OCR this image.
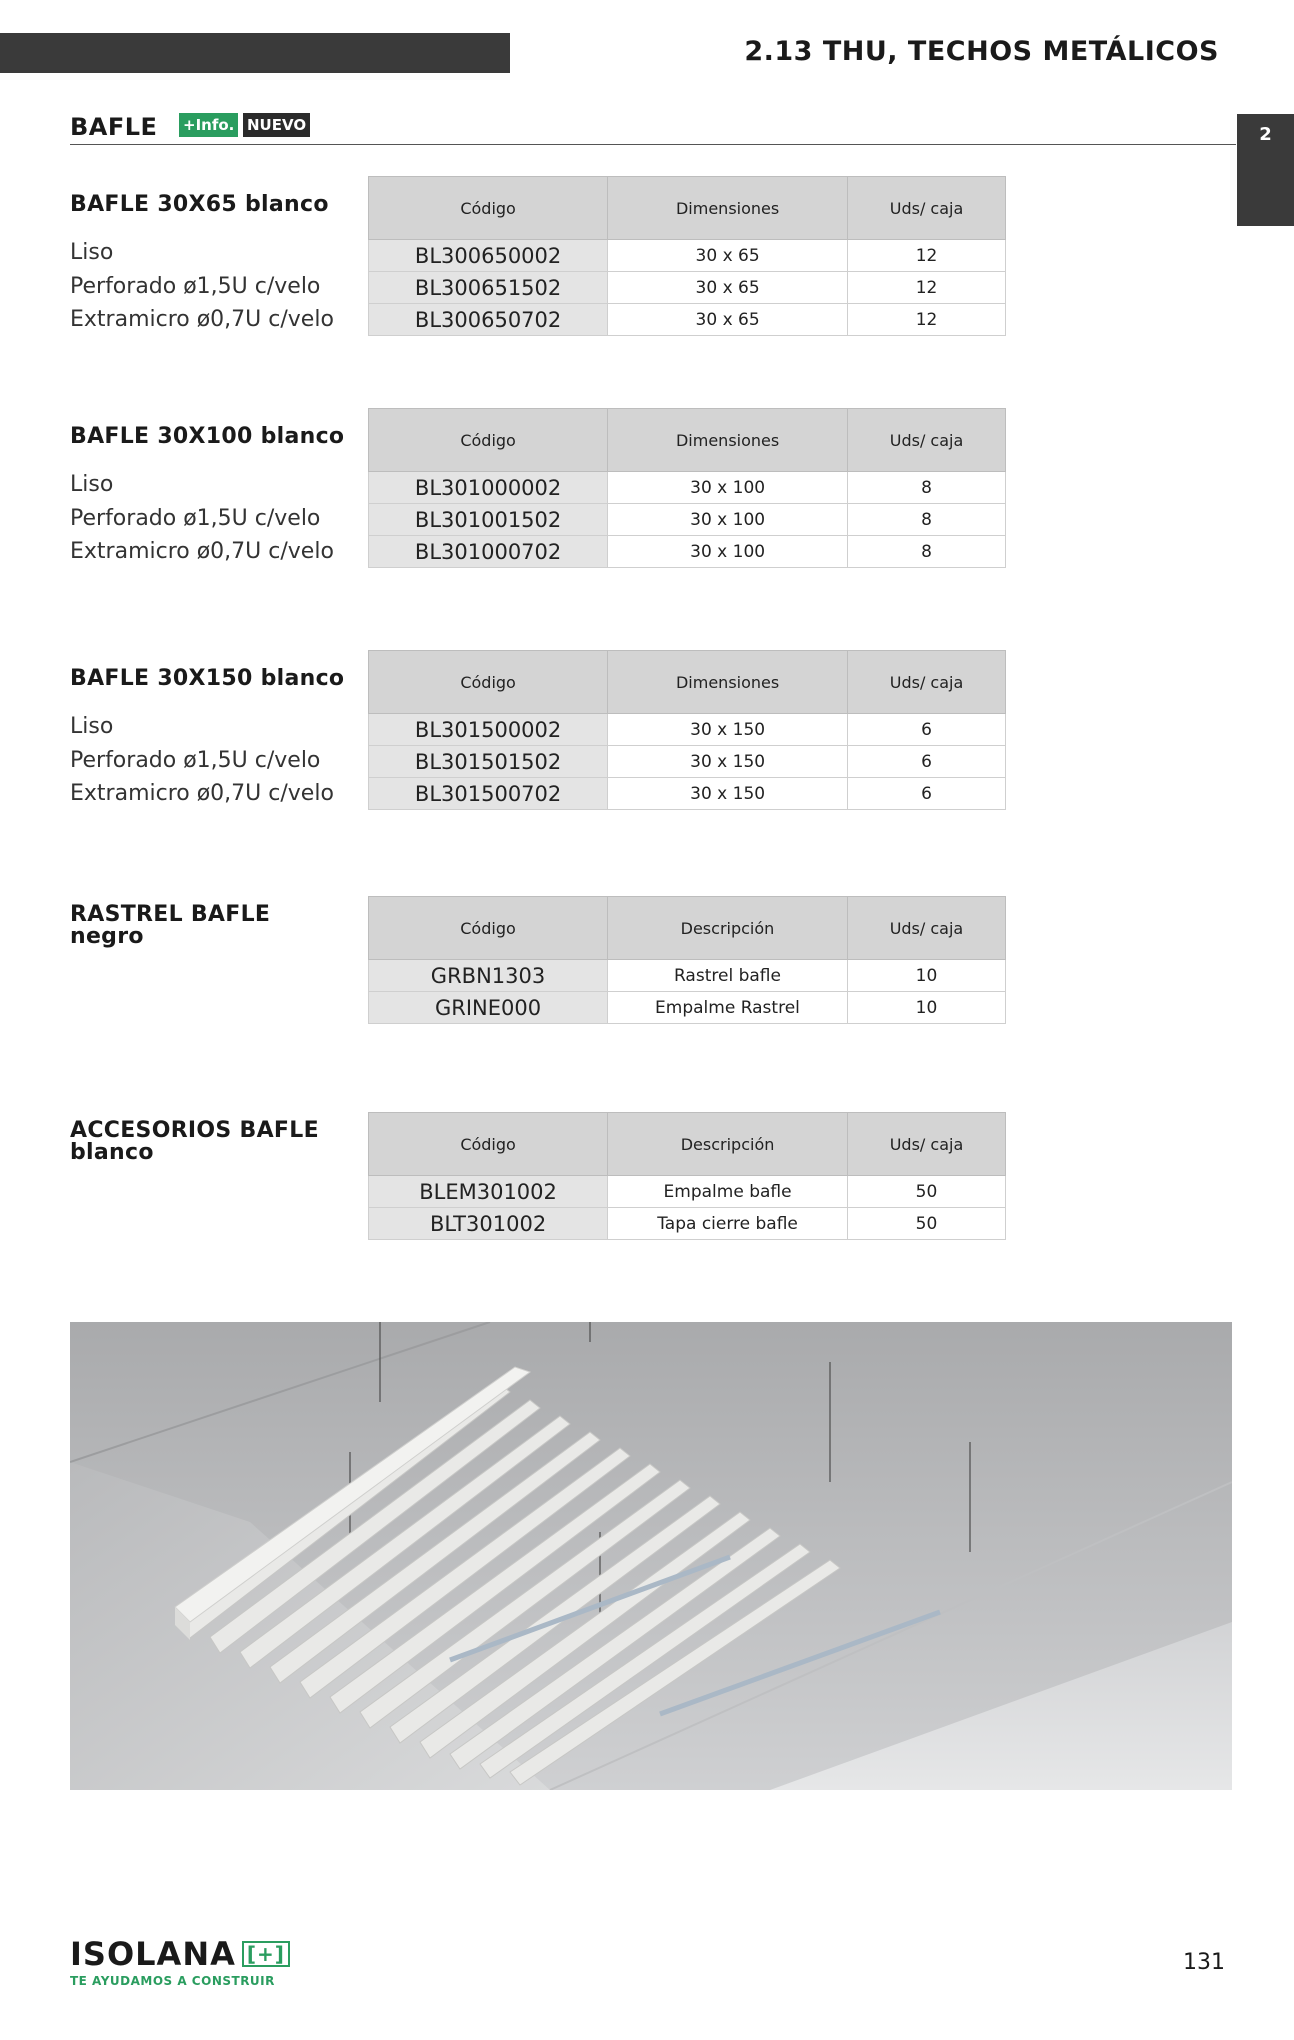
2.13 THU, TECHOS METÁLICOS
2
BAFLE +Info. NUEVO
BAFLE 30X65 blanco
Liso
Perforado ø1,5U c/velo
Extramicro ø0,7U c/velo
Código	Dimensiones	Uds/ caja
BL300650002	30 x 65	12
BL300651502	30 x 65	12
BL300650702	30 x 65	12
BAFLE 30X100 blanco
Liso
Perforado ø1,5U c/velo
Extramicro ø0,7U c/velo
Código	Dimensiones	Uds/ caja
BL301000002	30 x 100	8
BL301001502	30 x 100	8
BL301000702	30 x 100	8
BAFLE 30X150 blanco
Liso
Perforado ø1,5U c/velo
Extramicro ø0,7U c/velo
Código	Dimensiones	Uds/ caja
BL301500002	30 x 150	6
BL301501502	30 x 150	6
BL301500702	30 x 150	6
RASTREL BAFLE negro	Código	Descripción	Uds/ caja
GRBN1303	Rastrel bafle	10
GRINE000	Empalme Rastrel	10
ACCESORIOS BAFLE blanco	Código	Descripción	Uds/ caja
BLEM301002	Empalme bafle	50
BLT301002	Tapa cierre bafle	50
ISOLANA [+]
TE AYUDAMOS A CONSTRUIR
131
